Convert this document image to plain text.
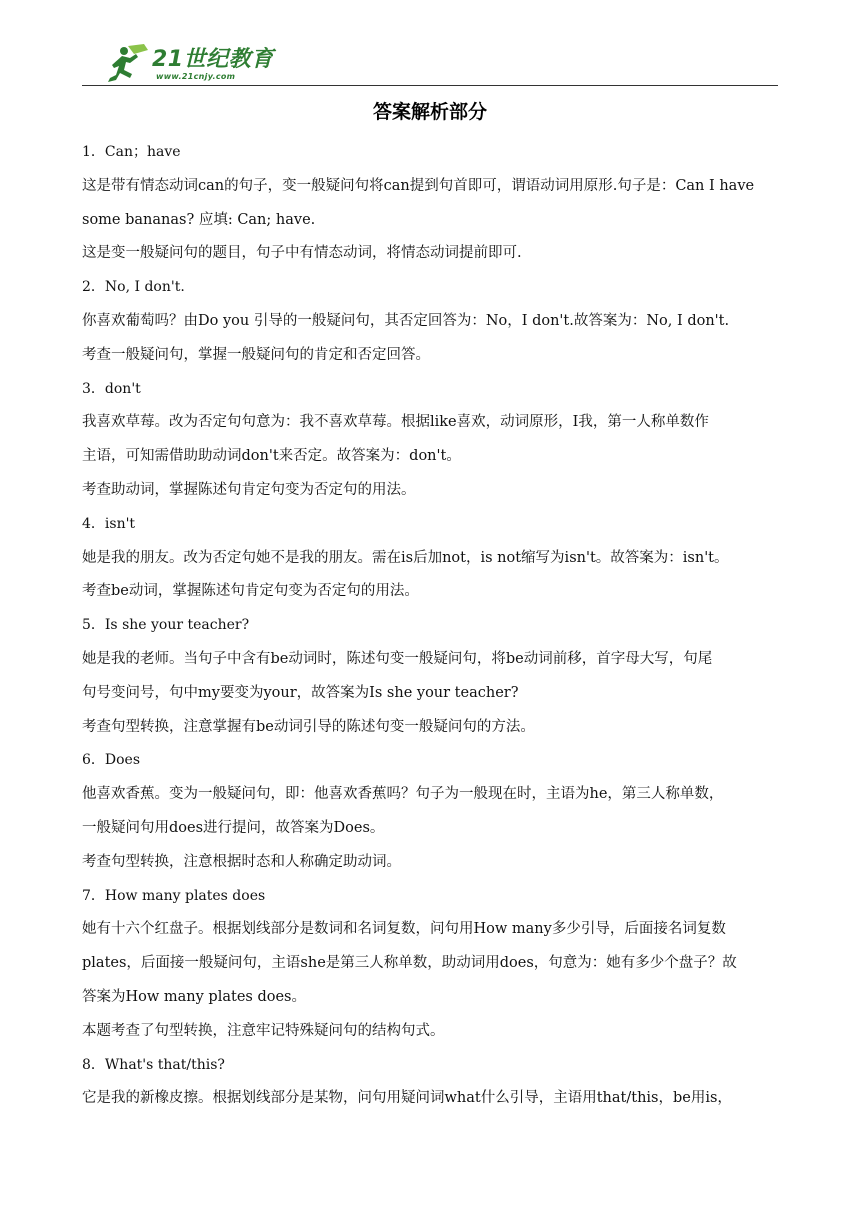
21世纪教育
www.21cnjy.com
答案解析部分
1．Can；have
这是带有情态动词can的句子，变一般疑问句将can提到句首即可，谓语动词用原形.句子是：Can I have
some bananas? 应填: Can; have.
这是变一般疑问句的题目，句子中有情态动词，将情态动词提前即可.
2．No, I don't.
你喜欢葡萄吗？由Do you 引导的一般疑问句，其否定回答为：No，I don't.故答案为：No, I don't.
考查一般疑问句，掌握一般疑问句的肯定和否定回答。
3．don't
我喜欢草莓。改为否定句句意为：我不喜欢草莓。根据like喜欢，动词原形，I我，第一人称单数作
主语，可知需借助助动词don't来否定。故答案为：don't。
考查助动词，掌握陈述句肯定句变为否定句的用法。
4．isn't
她是我的朋友。改为否定句她不是我的朋友。需在is后加not，is not缩写为isn't。故答案为：isn't。
考查be动词，掌握陈述句肯定句变为否定句的用法。
5．Is she your teacher?
她是我的老师。当句子中含有be动词时，陈述句变一般疑问句，将be动词前移，首字母大写，句尾
句号变问号，句中my要变为your，故答案为Is she your teacher?
考查句型转换，注意掌握有be动词引导的陈述句变一般疑问句的方法。
6．Does
他喜欢香蕉。变为一般疑问句，即：他喜欢香蕉吗？句子为一般现在时，主语为he，第三人称单数，
一般疑问句用does进行提问，故答案为Does。
考查句型转换，注意根据时态和人称确定助动词。
7．How many plates does
她有十六个红盘子。根据划线部分是数词和名词复数，问句用How many多少引导，后面接名词复数
plates，后面接一般疑问句，主语she是第三人称单数，助动词用does，句意为：她有多少个盘子？故
答案为How many plates does。
本题考查了句型转换，注意牢记特殊疑问句的结构句式。
8．What's that/this?
它是我的新橡皮擦。根据划线部分是某物，问句用疑问词what什么引导，主语用that/this，be用is，
